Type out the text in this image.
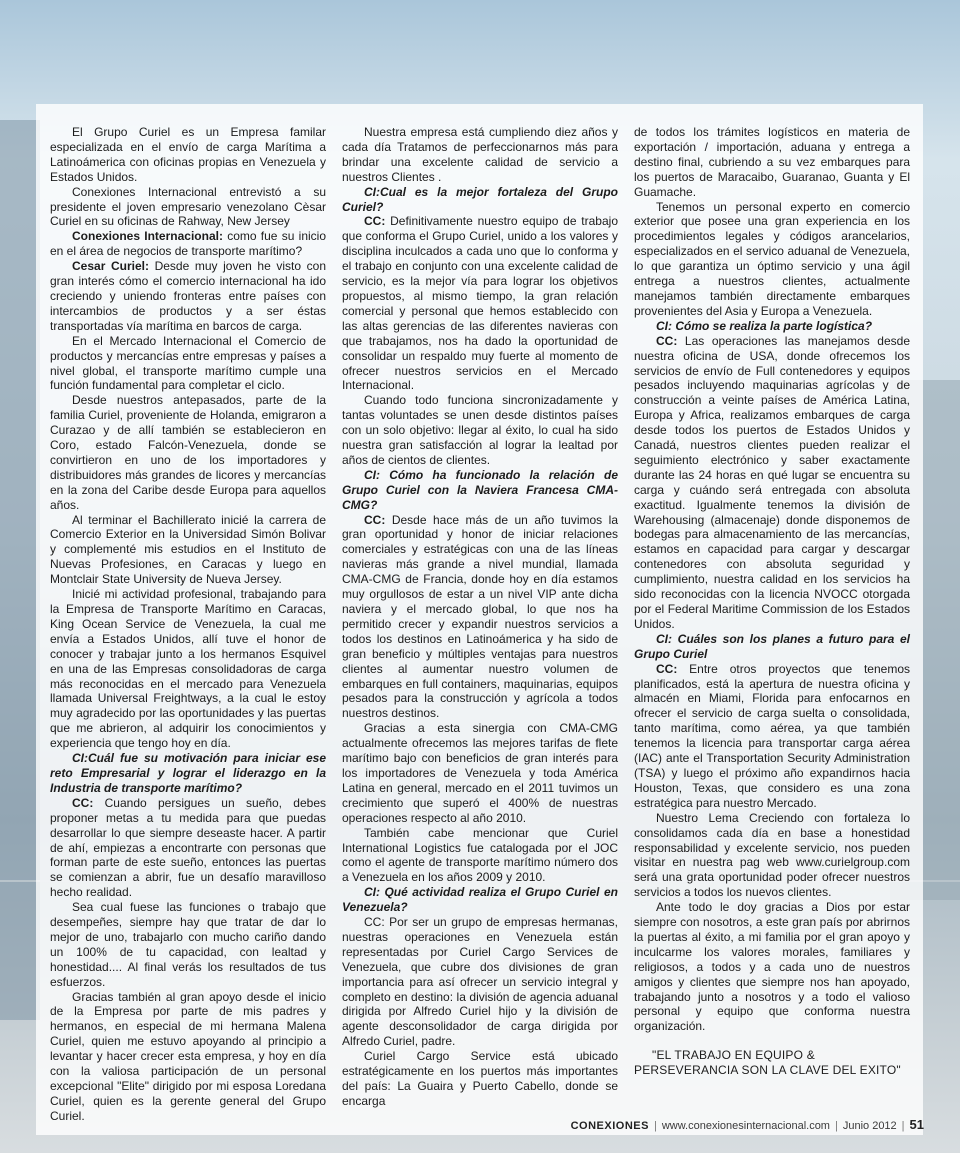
El Grupo Curiel es un Empresa familar especializada en el envío de carga Marítima a Latinoámerica con oficinas propias en Venezuela y Estados Unidos.

Conexiones Internacional entrevistó a su presidente el joven empresario venezolano Cèsar Curiel en su oficinas de Rahway, New Jersey

Conexiones Internacional: como fue su inicio en el área de negocios de transporte marítimo?

Cesar Curiel: Desde muy joven he visto con gran interés cómo el comercio internacional ha ido creciendo y uniendo fronteras entre países con intercambios de productos y a ser éstas transportadas vía marítima en barcos de carga.

En el Mercado Internacional el Comercio de productos y mercancías entre empresas y países a nivel global, el transporte marítimo cumple una función fundamental para completar el ciclo.

Desde nuestros antepasados, parte de la familia Curiel, proveniente de Holanda, emigraron a Curazao y de allí también se establecieron en Coro, estado Falcón-Venezuela, donde se convirtieron en uno de los importadores y distribuidores más grandes de licores y mercancías en la zona del Caribe desde Europa para aquellos años.

Al terminar el Bachillerato inicié la carrera de Comercio Exterior en la Universidad Simón Bolivar y complementé mis estudios en el Instituto de Nuevas Profesiones, en Caracas y luego en Montclair State University de Nueva Jersey.

Inicié mi actividad profesional, trabajando para la Empresa de Transporte Marítimo en Caracas, King Ocean Service de Venezuela, la cual me envía a Estados Unidos, allí tuve el honor de conocer y trabajar junto a los hermanos Esquivel en una de las Empresas consolidadoras de carga más reconocidas en el mercado para Venezuela llamada Universal Freightways, a la cual le estoy muy agradecido por las oportunidades y las puertas que me abrieron, al adquirir los conocimientos y experiencia que tengo hoy en día.

CI:Cuál fue su motivación para iniciar ese reto Empresarial y lograr el liderazgo en la Industria de transporte marítimo?

CC: Cuando persigues un sueño, debes proponer metas a tu medida para que puedas desarrollar lo que siempre deseaste hacer. A partir de ahí, empiezas a encontrarte con personas que forman parte de este sueño, entonces las puertas se comienzan a abrir, fue un desafío maravilloso hecho realidad.

Sea cual fuese las funciones o trabajo que desempeñes, siempre hay que tratar de dar lo mejor de uno, trabajarlo con mucho cariño dando un 100% de tu capacidad, con lealtad y honestidad.... Al final verás los resultados de tus esfuerzos.

Gracias también al gran apoyo desde el inicio de la Empresa por parte de mis padres y hermanos, en especial de mi hermana Malena Curiel, quien me estuvo apoyando al principio a levantar y hacer crecer esta empresa, y hoy en día con la valiosa participación de un personal excepcional "Elite" dirigido por mi esposa Loredana Curiel, quien es la gerente general del Grupo Curiel.

Nuestra empresa está cumpliendo diez años y cada día Tratamos de perfeccionarnos más para brindar una excelente calidad de servicio a nuestros Clientes .

CI:Cual es la mejor fortaleza del Grupo Curiel?

CC: Definitivamente nuestro equipo de trabajo que conforma el Grupo Curiel, unido a los valores y disciplina inculcados a cada uno que lo conforma y el trabajo en conjunto con una excelente calidad de servicio, es la mejor vía para lograr los objetivos propuestos, al mismo tiempo, la gran relación comercial y personal que hemos establecido con las altas gerencias de las diferentes navieras con que trabajamos, nos ha dado la oportunidad de consolidar un respaldo muy fuerte al momento de ofrecer nuestros servicios en el Mercado Internacional.

Cuando todo funciona sincronizadamente y tantas voluntades se unen desde distintos países con un solo objetivo: llegar al éxito, lo cual ha sido nuestra gran satisfacción al lograr la lealtad por años de cientos de clientes.

CI: Cómo ha funcionado la relación de Grupo Curiel con la Naviera Francesa CMA-CMG?

CC: Desde hace más de un año tuvimos la gran oportunidad y honor de iniciar relaciones comerciales y estratégicas con una de las líneas navieras más grande a nivel mundial, llamada CMA-CMG de Francia, donde hoy en día estamos muy orgullosos de estar a un nivel VIP ante dicha naviera y el mercado global, lo que nos ha permitido crecer y expandir nuestros servicios a todos los destinos en Latinoámerica y ha sido de gran beneficio y múltiples ventajas para nuestros clientes al aumentar nuestro volumen de embarques en full containers, maquinarias, equipos pesados para la construcción y agrícola a todos nuestros destinos.

Gracias a esta sinergia con CMA-CMG actualmente ofrecemos las mejores tarifas de flete marítimo bajo con beneficios de gran interés para los importadores de Venezuela y toda América Latina en general, mercado en el 2011 tuvimos un crecimiento que superó el 400% de nuestras operaciones respecto al año 2010.

También cabe mencionar que Curiel International Logistics fue catalogada por el JOC como el agente de transporte marítimo número dos a Venezuela en los años 2009 y 2010.

CI: Qué actividad realiza el Grupo Curiel en Venezuela?

CC: Por ser un grupo de empresas hermanas, nuestras operaciones en Venezuela están representadas por Curiel Cargo Services de Venezuela, que cubre dos divisiones de gran importancia para así ofrecer un servicio integral y completo en destino: la división de agencia aduanal dirigida por Alfredo Curiel hijo y la división de agente desconsolidador de carga dirigida por Alfredo Curiel, padre.

Curiel Cargo Service está ubicado estratégicamente en los puertos más importantes del país: La Guaira y Puerto Cabello, donde se encarga

de todos los trámites logísticos en materia de exportación / importación, aduana y entrega a destino final, cubriendo a su vez embarques para los puertos de Maracaibo, Guaranao, Guanta y El Guamache.

Tenemos un personal experto en comercio exterior que posee una gran experiencia en los procedimientos legales y códigos arancelarios, especializados en el servico aduanal de Venezuela, lo que garantiza un óptimo servicio y una ágil entrega a nuestros clientes, actualmente manejamos también directamente embarques provenientes del Asia y Europa a Venezuela.

CI: Cómo se realiza la parte logística?

CC: Las operaciones las manejamos desde nuestra oficina de USA, donde ofrecemos los servicios de envío de Full contenedores y equipos pesados incluyendo maquinarias agrícolas y de construcción a veinte países de América Latina, Europa y Africa, realizamos embarques de carga desde todos los puertos de Estados Unidos y Canadá, nuestros clientes pueden realizar el seguimiento electrónico y saber exactamente durante las 24 horas en qué lugar se encuentra su carga y cuándo será entregada con absoluta exactitud. Igualmente tenemos la división de Warehousing (almacenaje) donde disponemos de bodegas para almacenamiento de las mercancías, estamos en capacidad para cargar y descargar contenedores con absoluta seguridad y cumplimiento, nuestra calidad en los servicios ha sido reconocidas con la licencia NVOCC otorgada por el Federal Maritime Commission de los Estados Unidos.

CI: Cuáles son los planes a futuro para el Grupo Curiel

CC: Entre otros proyectos que tenemos planificados, está la apertura de nuestra oficina y almacén en Miami, Florida para enfocarnos en ofrecer el servicio de carga suelta o consolidada, tanto marítima, como aérea, ya que también tenemos la licencia para transportar carga aérea (IAC) ante el Transportation Security Administration (TSA) y luego el próximo año expandirnos hacia Houston, Texas, que considero es una zona estratégica para nuestro Mercado.

Nuestro Lema Creciendo con fortaleza lo consolidamos cada día en base a honestidad responsabilidad y excelente servicio, nos pueden visitar en nuestra pag web www.curielgroup.com será una grata oportunidad poder ofrecer nuestros servicios a todos los nuevos clientes.

Ante todo le doy gracias a Dios por estar siempre con nosotros, a este gran país por abrirnos la puertas al éxito, a mi familia por el gran apoyo y inculcarme los valores morales, familiares y religiosos, a todos y a cada uno de nuestros amigos y clientes que siempre nos han apoyado, trabajando junto a nosotros y a todo el valioso personal y equipo que conforma nuestra organización.

"EL TRABAJO EN EQUIPO & PERSEVERANCIA SON LA CLAVE DEL EXITO"

CONEXIONES | www.conexionesinternacional.com | Junio 2012 | 51
